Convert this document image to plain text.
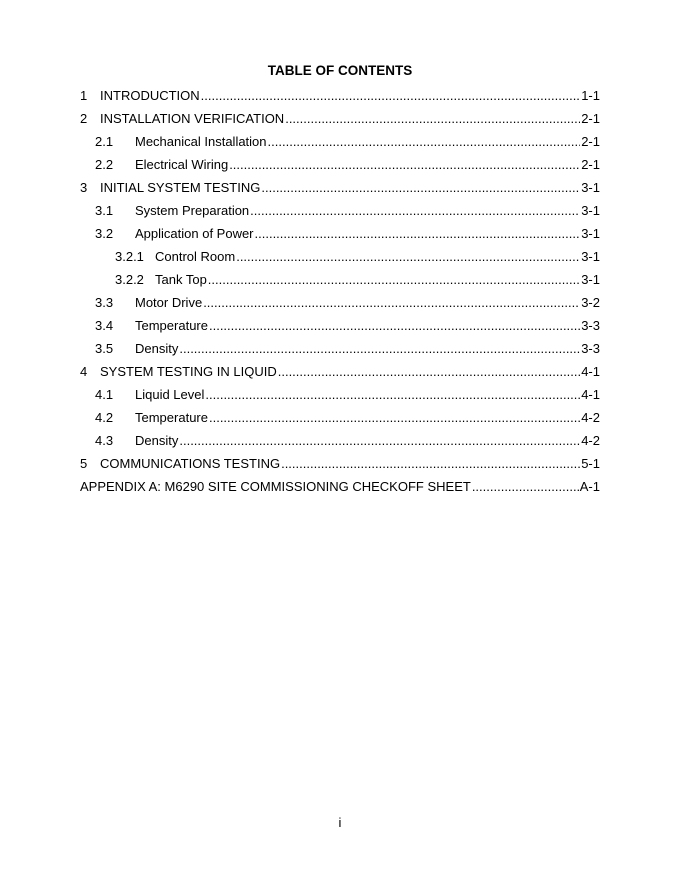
TABLE OF CONTENTS
1 INTRODUCTION .....	1-1
2 INSTALLATION VERIFICATION .....	2-1
2.1	Mechanical Installation .....	2-1
2.2	Electrical Wiring .....	2-1
3 INITIAL SYSTEM TESTING .....	3-1
3.1	System Preparation .....	3-1
3.2	Application of Power .....	3-1
3.2.1 Control Room .....	3-1
3.2.2 Tank Top .....	3-1
3.3	Motor Drive .....	3-2
3.4	Temperature .....	3-3
3.5	Density .....	3-3
4 SYSTEM TESTING IN LIQUID .....	4-1
4.1	Liquid Level .....	4-1
4.2	Temperature .....	4-2
4.3	Density .....	4-2
5 COMMUNICATIONS TESTING .....	5-1
APPENDIX A: M6290 SITE COMMISSIONING CHECKOFF SHEET .....	A-1
i
